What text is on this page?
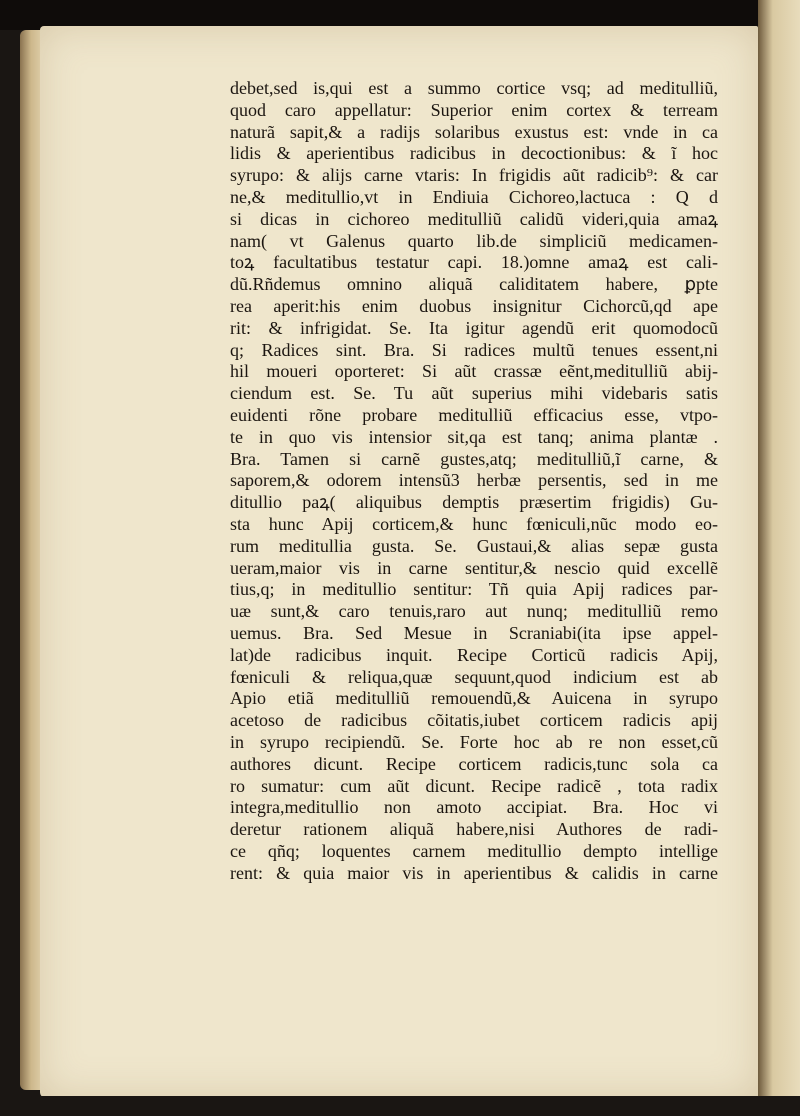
debet,sed is,qui est a summo cortice vsq; ad meditulliũ,
quod caro appellatur: Superior enim cortex & terream
naturã sapit,& a radijs solaribus exustus est: vnde in ca
lidis & aperientibus radicibus in decoctionibus: & ĩ hoc
syrupo: & alijs carne vtaris: In frigidis aũt radicib⁹: & car
ne,& meditullio,vt in Endiuia Cichoreo,lactuca : Q d
si dicas in cichoreo meditulliũ calidũ videri,quia amaꝝ
nam( vt Galenus quarto lib.de simpliciũ medicamen-
toꝝ facultatibus testatur capi. 18.)omne amaꝝ est cali-
dũ.Rñdemus omnino aliquã caliditatem habere, ꝑpte
rea aperit:his enim duobus insignitur Cichorcũ,qd ape
rit: & infrigidat. Se. Ita igitur agendũ erit quomodocũ
q; Radices sint. Bra. Si radices multũ tenues essent,ni
hil moueri oporteret: Si aũt crassæ eẽnt,meditulliũ abij-
ciendum est. Se. Tu aũt superius mihi videbaris satis
euidenti rõne probare meditulliũ efficacius esse, vtpo-
te in quo vis intensior sit,qa est tanq; anima plantæ .
Bra. Tamen si carnẽ gustes,atq; meditulliũ,ĩ carne, &
saporem,& odorem intensũ3 herbæ persentis, sed in me
ditullio paꝝ( aliquibus demptis præsertim frigidis) Gu-
sta hunc Apij corticem,& hunc fœniculi,nũc modo eo-
rum meditullia gusta. Se. Gustaui,& alias sepæ gusta
ueram,maior vis in carne sentitur,& nescio quid excellẽ
tius,q; in meditullio sentitur: Tñ quia Apij radices par-
uæ sunt,& caro tenuis,raro aut nunq; meditulliũ remo
uemus. Bra. Sed Mesue in Scraniabi(ita ipse appel-
lat)de radicibus inquit. Recipe Corticũ radicis Apij,
fœniculi & reliqua,quæ sequunt,quod indicium est ab
Apio etiã meditulliũ remouendũ,& Auicena in syrupo
acetoso de radicibus cõitatis,iubet corticem radicis apij
in syrupo recipiendũ. Se. Forte hoc ab re non esset,cũ
authores dicunt. Recipe corticem radicis,tunc sola ca
ro sumatur: cum aũt dicunt. Recipe radicẽ , tota radix
integra,meditullio non amoto accipiat. Bra. Hoc vi
deretur rationem aliquã habere,nisi Authores de radi-
ce qñq; loquentes carnem meditullio dempto intellige
rent: & quia maior vis in aperientibus & calidis in carne
